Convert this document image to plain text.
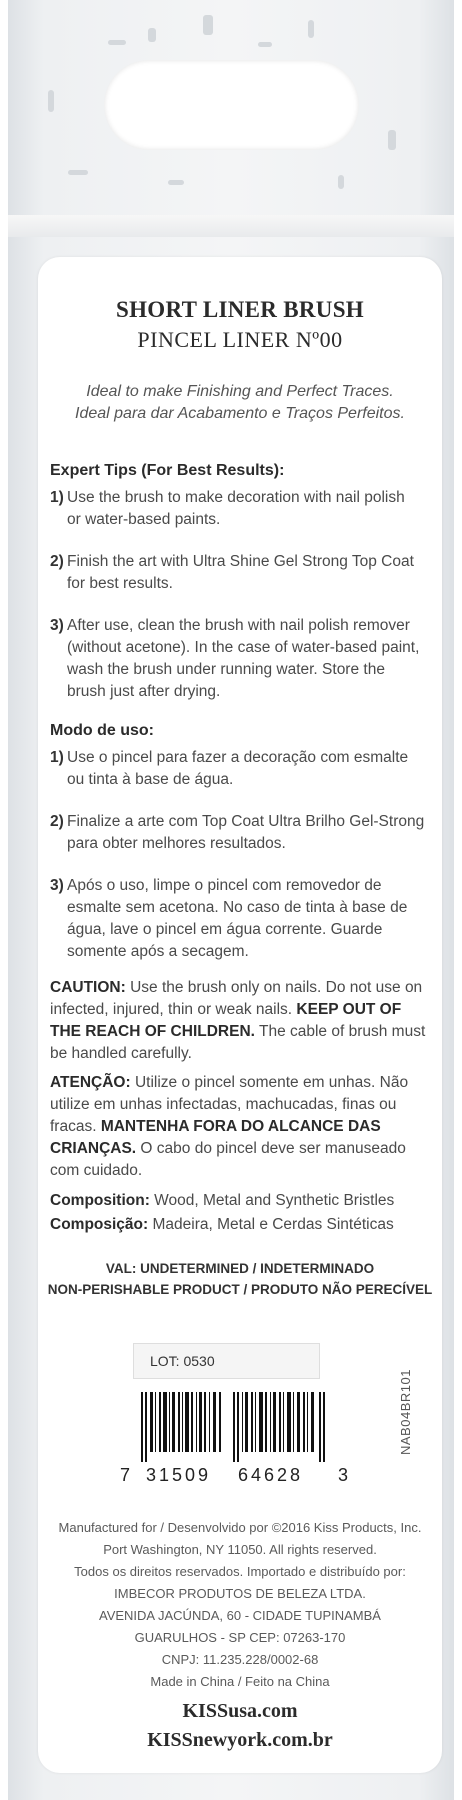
SHORT LINER BRUSH
PINCEL LINER Nº00
Ideal to make Finishing and Perfect Traces.
Ideal para dar Acabamento e Traços Perfeitos.
Expert Tips (For Best Results):
1) Use the brush to make decoration with nail polish
or water-based paints.
2) Finish the art with Ultra Shine Gel Strong Top Coat
for best results.
3) After use, clean the brush with nail polish remover
(without acetone). In the case of water-based paint,
wash the brush under running water. Store the
brush just after drying.
Modo de uso:
1) Use o pincel para fazer a decoração com esmalte
ou tinta à base de água.
2) Finalize a arte com Top Coat Ultra Brilho Gel-Strong
para obter melhores resultados.
3) Após o uso, limpe o pincel com removedor de
esmalte sem acetona. No caso de tinta à base de
água, lave o pincel em água corrente. Guarde
somente após a secagem.
CAUTION: Use the brush only on nails. Do not use on
infected, injured, thin or weak nails. KEEP OUT OF
THE REACH OF CHILDREN. The cable of brush must
be handled carefully.
ATENÇÃO: Utilize o pincel somente em unhas. Não
utilize em unhas infectadas, machucadas, finas ou
fracas. MANTENHA FORA DO ALCANCE DAS
CRIANÇAS. O cabo do pincel deve ser manuseado
com cuidado.
Composition: Wood, Metal and Synthetic Bristles
Composição: Madeira, Metal e Cerdas Sintéticas
VAL: UNDETERMINED / INDETERMINADO
NON-PERISHABLE PRODUCT / PRODUTO NÃO PERECÍVEL
LOT: 0530
7 31509 64628 3
NAB04BR101
Manufactured for / Desenvolvido por ©2016 Kiss Products, Inc.
Port Washington, NY 11050. All rights reserved.
Todos os direitos reservados. Importado e distribuído por:
IMBECOR PRODUTOS DE BELEZA LTDA.
AVENIDA JACÚNDA, 60 - CIDADE TUPINAMBÁ
GUARULHOS - SP CEP: 07263-170
CNPJ: 11.235.228/0002-68
Made in China / Feito na China
KISSusa.com
KISSnewyork.com.br
